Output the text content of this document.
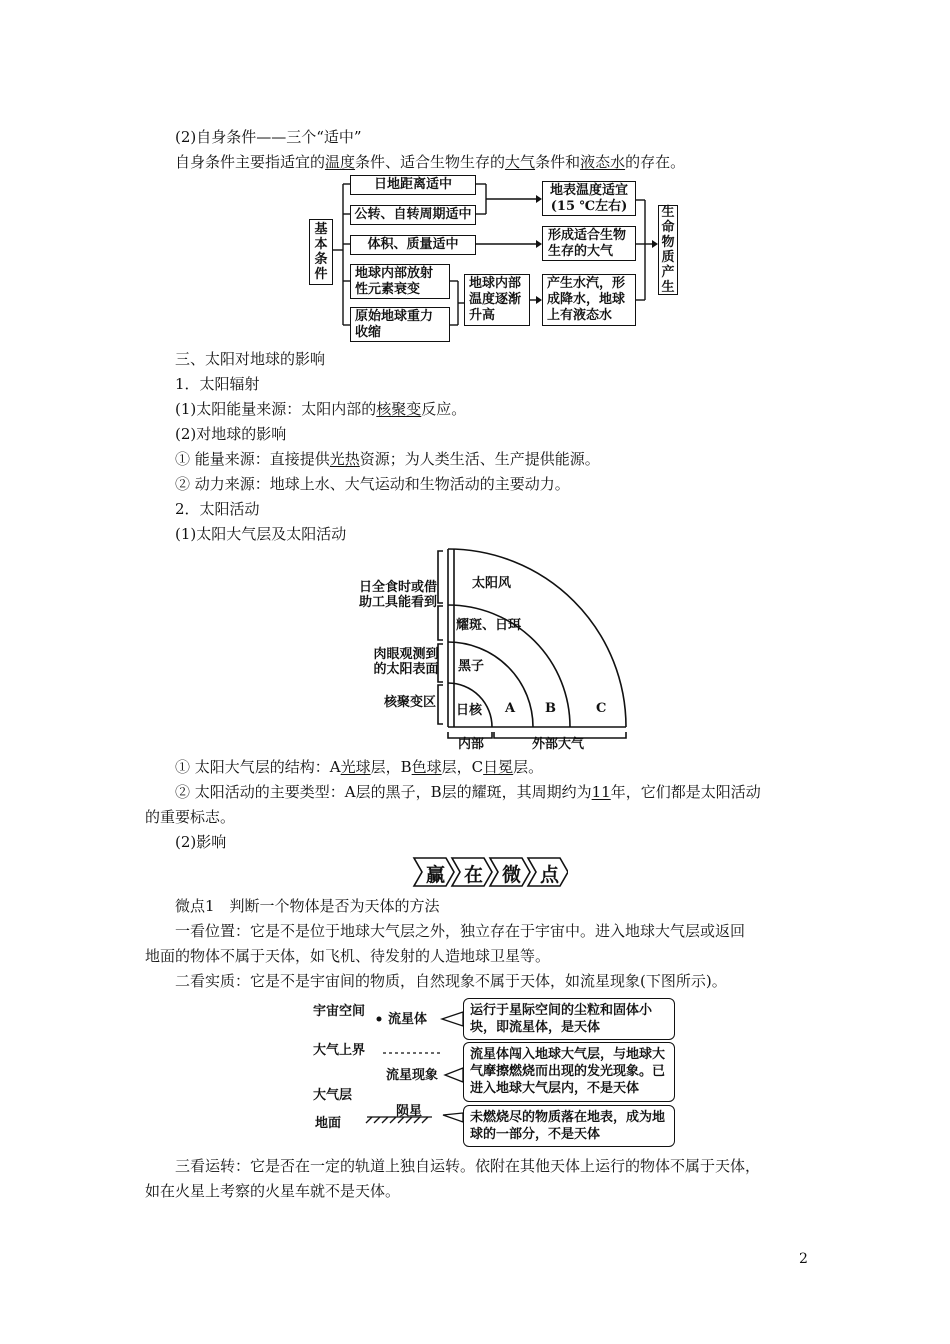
(2)自身条件——三个“适中”
自身条件主要指适宜的温度条件、适合生物生存的大气条件和液态水的存在。
基本条件
日地距离适中
公转、自转周期适中
体积、质量适中
地球内部放射性元素衰变
原始地球重力收缩
地球内部温度逐渐升高
地表温度适宜(15 ℃左右)
形成适合生物生存的大气
产生水汽，形成降水，地球上有液态水
生命物质产生
三、太阳对地球的影响
1．太阳辐射
(1)太阳能量来源：太阳内部的核聚变反应。
(2)对地球的影响
① 能量来源：直接提供光热资源；为人类生活、生产提供能源。
② 动力来源：地球上水、大气运动和生物活动的主要动力。
2．太阳活动
(1)太阳大气层及太阳活动
日全食时或借助工具能看到
肉眼观测到的太阳表面
核聚变区
太阳风
耀斑、日珥
黑子
日核 A B	C
内部	外部大气
① 太阳大气层的结构：A光球层，B色球层，C日冕层。
② 太阳活动的主要类型：A层的黑子，B层的耀斑，其周期约为11年，它们都是太阳活动
的重要标志。
(2)影响
赢 在 微 点
微点1　判断一个物体是否为天体的方法
一看位置：它是不是位于地球大气层之外，独立存在于宇宙中。进入地球大气层或返回
地面的物体不属于天体，如飞机、待发射的人造地球卫星等。
二看实质：它是不是宇宙间的物质，自然现象不属于天体，如流星现象(下图所示)。
宇宙空间
流星体
大气上界
流星现象
大气层
陨星
地面
运行于星际空间的尘粒和固体小块，即流星体，是天体
流星体闯入地球大气层，与地球大气摩擦燃烧而出现的发光现象。已进入地球大气层内，不是天体
未燃烧尽的物质落在地表，成为地球的一部分，不是天体
三看运转：它是否在一定的轨道上独自运转。依附在其他天体上运行的物体不属于天体，
如在火星上考察的火星车就不是天体。
2
